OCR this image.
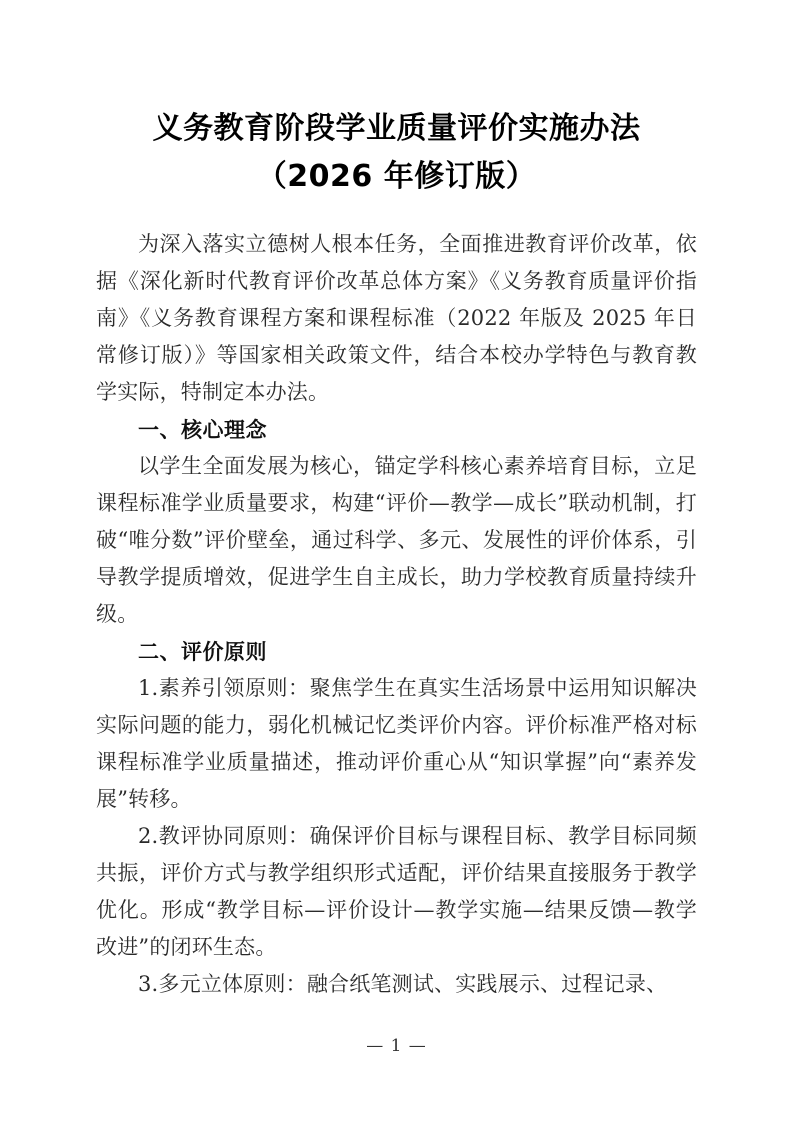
义务教育阶段学业质量评价实施办法
（2026 年修订版）

为深入落实立德树人根本任务，全面推进教育评价改革，依据《深化新时代教育评价改革总体方案》《义务教育质量评价指南》《义务教育课程方案和课程标准（2022 年版及 2025 年日常修订版）》等国家相关政策文件，结合本校办学特色与教育教学实际，特制定本办法。

一、核心理念

以学生全面发展为核心，锚定学科核心素养培育目标，立足课程标准学业质量要求，构建“评价—教学—成长”联动机制，打破“唯分数”评价壁垒，通过科学、多元、发展性的评价体系，引导教学提质增效，促进学生自主成长，助力学校教育质量持续升级。

二、评价原则

1.素养引领原则：聚焦学生在真实生活场景中运用知识解决实际问题的能力，弱化机械记忆类评价内容。评价标准严格对标课程标准学业质量描述，推动评价重心从“知识掌握”向“素养发展”转移。

2.教评协同原则：确保评价目标与课程目标、教学目标同频共振，评价方式与教学组织形式适配，评价结果直接服务于教学优化。形成“教学目标—评价设计—教学实施—结果反馈—教学改进”的闭环生态。

3.多元立体原则：融合纸笔测试、实践展示、过程记录、

— 1 —
